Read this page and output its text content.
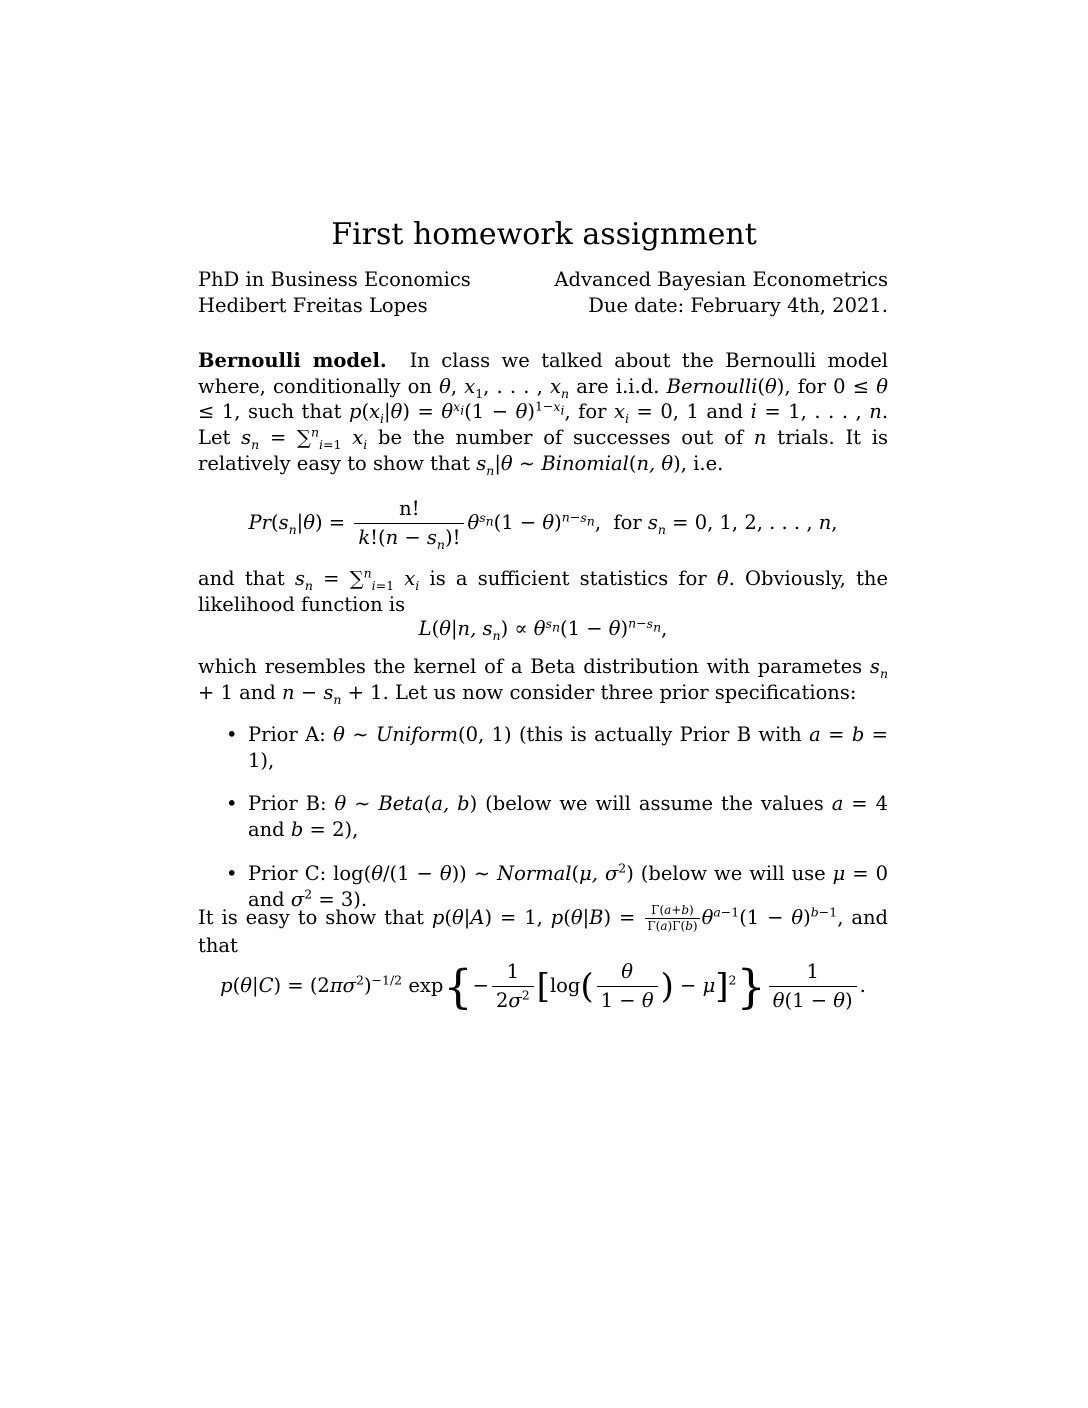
First homework assignment
PhD in Business Economics	Advanced Bayesian Econometrics
Hedibert Freitas Lopes	Due date: February 4th, 2021.
Bernoulli model. In class we talked about the Bernoulli model where, conditionally on θ, $x_1$, . . . , $x_n$ are i.i.d. Bernoulli(θ), for 0 ≤ θ ≤ 1, such that $p(x_i|\theta) = \theta^{x_i}(1 - \theta)^{1-x_i}$, for $x_i = 0$, 1 and i = 1, . . . , n. Let $s_n = \sum^n_{i=1}$ $x_i$ be the number of successes out of n trials. It is relatively easy to show that $s_n|\theta$ ∼ Binomial(n, θ), i.e.
$Pr(s_n|\theta) = \frac{n!}{k!(n - s_n)!} \theta^{s_n}(1 - \theta)^{n-s_n}$,  for $s_n = 0$, 1, 2, . . . , n,
and that $s_n = \sum^n_{i=1}$ $x_i$ is a sufficient statistics for θ. Obviously, the likelihood function is
L(θ|n, $s_n) \propto \theta^{s_n}(1 - \theta)^{n-s_n}$,
which resembles the kernel of a Beta distribution with parametes $s_n + 1$ and $n - s_n + 1$. Let us now consider three prior specifications:
• Prior A: θ ∼ Uniform(0, 1) (this is actually Prior B with a = b = 1),
• Prior B: θ ∼ Beta(a, b) (below we will assume the values a = 4 and b = 2),
• Prior C: log(θ/(1 − θ)) ∼ Normal(μ, $\sigma^2$) (below we will use μ = 0 and $\sigma^2 = 3$).
It is easy to show that p(θ|A) = 1, $p(\theta|B) = \frac{\Gamma(a+b)}{\Gamma(a)\Gamma(b)} \theta^{a-1}(1 - \theta)^{b-1}$, and that
$p(\theta|C) = (2\pi\sigma^2)^{-1/2}$ $\exp\{- \frac{1}{2\sigma^2} [\log( \frac{\theta}{1 - \theta}$ ) − $\mu]^2\} \frac{1}{\theta(1 - \theta)}$ .
